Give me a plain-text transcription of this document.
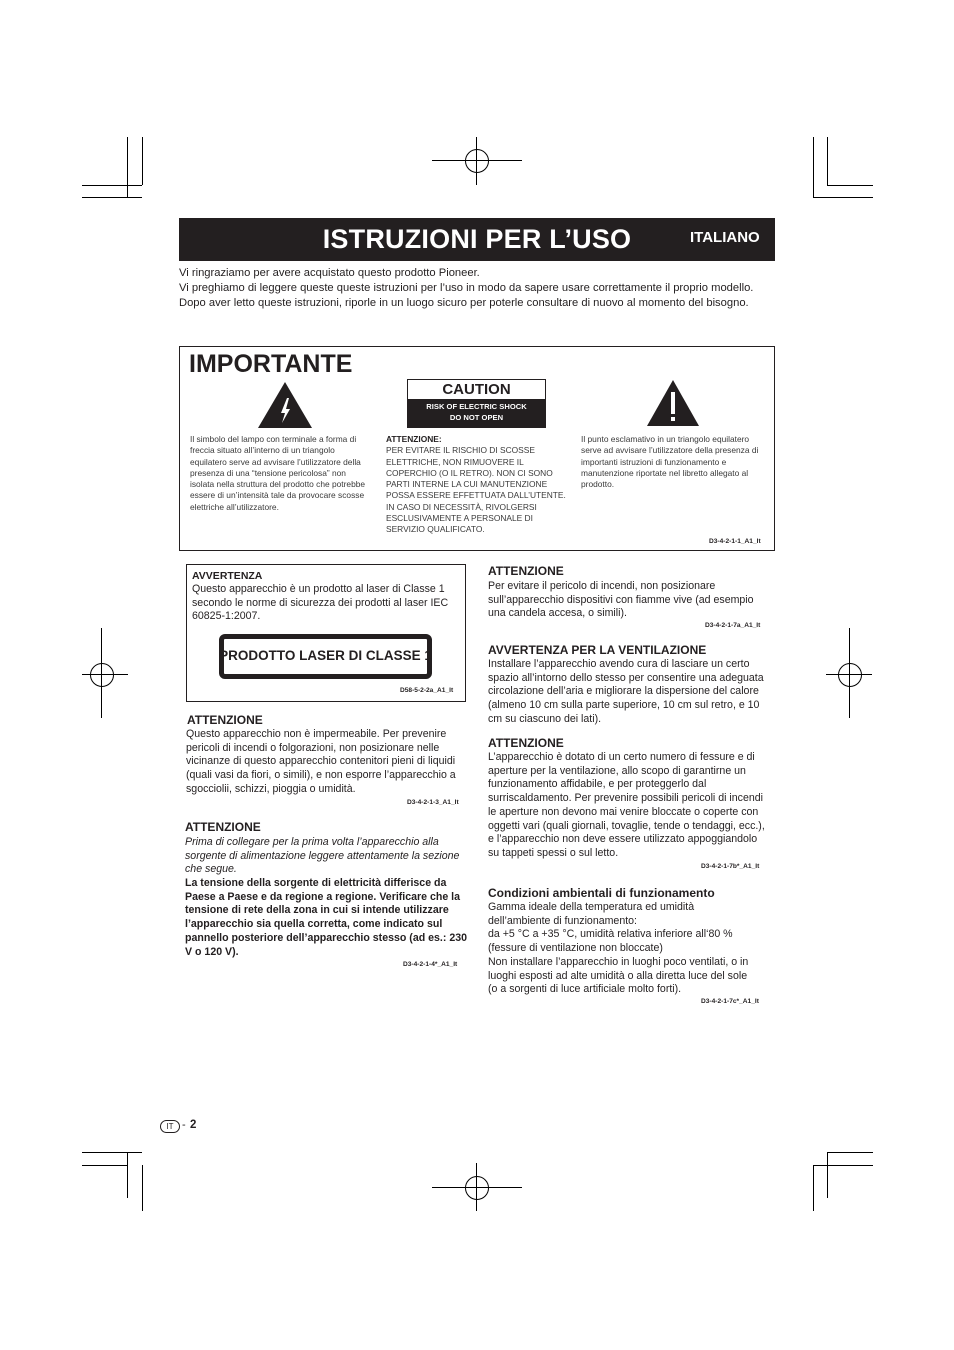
ISTRUZIONI PER L’USO	ITALIANO

Vi ringraziamo per avere acquistato questo prodotto Pioneer.

Vi preghiamo di leggere queste queste istruzioni per l’uso in modo da sapere usare correttamente il proprio modello. Dopo aver letto queste istruzioni, riporle in un luogo sicuro per poterle consultare di nuovo al momento del bisogno.

IMPORTANTE
CAUTION
RISK OF ELECTRIC SHOCK
DO NOT OPEN
Il simbolo del lampo con terminale a forma di freccia situato all’interno di un triangolo equilatero serve ad avvisare l’utilizzatore della presenza di una “tensione pericolosa” non isolata nella struttura del prodotto che potrebbe essere di un’intensità tale da provocare scosse elettriche all’utilizzatore.
ATTENZIONE:
PER EVITARE IL RISCHIO DI SCOSSE ELETTRICHE, NON RIMUOVERE IL COPERCHIO (O IL RETRO). NON CI SONO PARTI INTERNE LA CUI MANUTENZIONE POSSA ESSERE EFFETTUATA DALL’UTENTE. IN CASO DI NECESSITÀ, RIVOLGERSI ESCLUSIVAMENTE A PERSONALE DI SERVIZIO QUALIFICATO.
Il punto esclamativo in un triangolo equilatero serve ad avvisare l’utilizzatore della presenza di importanti istruzioni di funzionamento e manutenzione riportate nel libretto allegato al prodotto.
D3-4-2-1-1_A1_It
AVVERTENZA
Questo apparecchio è un prodotto al laser di Classe 1 secondo le norme di sicurezza dei prodotti al laser IEC 60825-1:2007.
PRODOTTO LASER DI CLASSE 1
D58-5-2-2a_A1_It
ATTENZIONE
Questo apparecchio non è impermeabile. Per prevenire pericoli di incendi o folgorazioni, non posizionare nelle vicinanze di questo apparecchio contenitori pieni di liquidi (quali vasi da fiori, o simili), e non esporre l’apparecchio a sgocciolii, schizzi, pioggia o umidità.
D3-4-2-1-3_A1_It
ATTENZIONE
Prima di collegare per la prima volta l’apparecchio alla sorgente di alimentazione leggere attentamente la sezione che segue.
La tensione della sorgente di elettricità differisce da Paese a Paese e da regione a regione. Verificare che la tensione di rete della zona in cui si intende utilizzare l’apparecchio sia quella corretta, come indicato sul pannello posteriore dell’apparecchio stesso (ad es.: 230 V o 120 V).
D3-4-2-1-4*_A1_It
ATTENZIONE
Per evitare il pericolo di incendi, non posizionare sull’apparecchio dispositivi con fiamme vive (ad esempio una candela accesa, o simili).
D3-4-2-1-7a_A1_It
AVVERTENZA PER LA VENTILAZIONE
Installare l’apparecchio avendo cura di lasciare un certo spazio all’intorno dello stesso per consentire una adeguata circolazione dell’aria e migliorare la dispersione del calore (almeno 10 cm sulla parte superiore, 10 cm sul retro, e 10 cm su ciascuno dei lati).
ATTENZIONE
L’apparecchio è dotato di un certo numero di fessure e di aperture per la ventilazione, allo scopo di garantirne un funzionamento affidabile, e per proteggerlo dal surriscaldamento. Per prevenire possibili pericoli di incendi le aperture non devono mai venire bloccate o coperte con oggetti vari (quali giornali, tovaglie, tende o tendaggi, ecc.), e l’apparecchio non deve essere utilizzato appoggiandolo su tappeti spessi o sul letto.
D3-4-2-1-7b*_A1_It
Condizioni ambientali di funzionamento
Gamma ideale della temperatura ed umidità dell’ambiente di funzionamento:
da +5 °C a +35 °C, umidità relativa inferiore all‘80 % (fessure di ventilazione non bloccate)
Non installare l’apparecchio in luoghi poco ventilati, o in luoghi esposti ad alte umidità o alla diretta luce del sole (o a sorgenti di luce artificiale molto forti).
D3-4-2-1-7c*_A1_It
IT - 2
